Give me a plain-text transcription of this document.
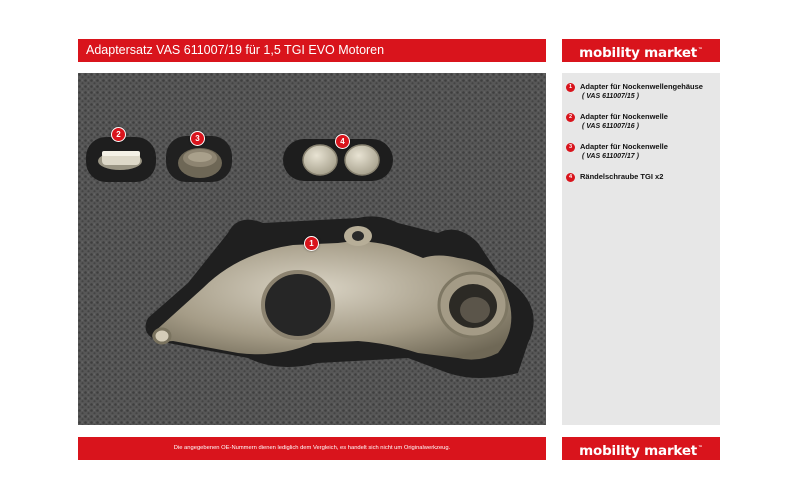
Adaptersatz VAS 611007/19 für 1,5 TGI EVO Motoren	mobility market™
2	3	4
1
1	Adapter für Nockenwellengehäuse
( VAS 611007/15 )
2	Adapter für Nockenwelle
( VAS 611007/16 )
3	Adapter für Nockenwelle
( VAS 611007/17 )
4	Rändelschraube TGI x2
Die angegebenen OE-Nummern dienen lediglich dem Vergleich, es handelt sich nicht um Originalwerkzeug.	mobility market™
